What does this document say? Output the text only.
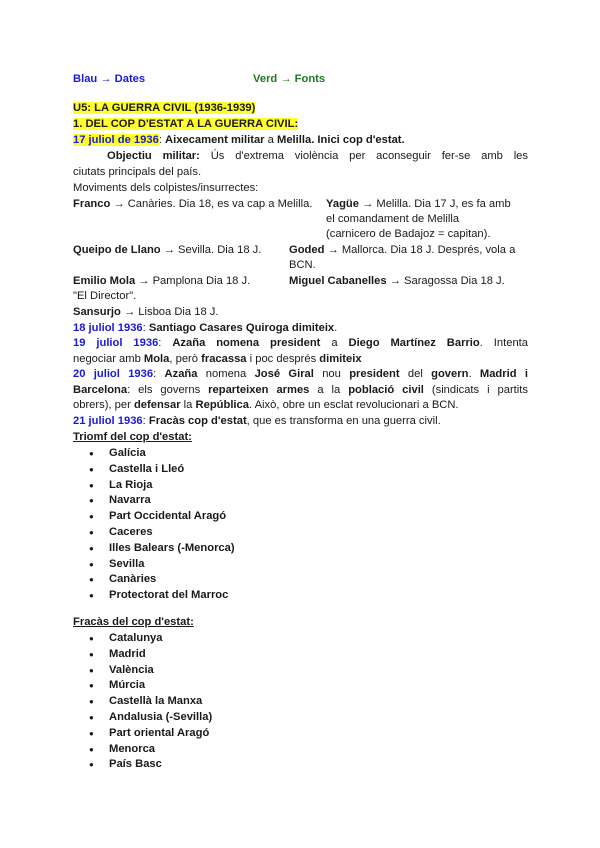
Blau → Dates	Verd → Fonts
U5: LA GUERRA CIVIL (1936-1939)
1. DEL COP D'ESTAT A LA GUERRA CIVIL:
17 juliol de 1936: Aixecament militar a Melilla. Inici cop d'estat.
Objectiu militar: Ús d'extrema violència per aconseguir fer-se amb les
ciutats principals del país.
Moviments dels colpistes/insurrectes:
Franco → Canàries. Dia 18, es va cap a Melilla. Yagüe → Melilla. Dia 17 J, es fa amb
el comandament de Melilla
(carnicero de Badajoz = capitan).
Queipo de Llano → Sevilla. Dia 18 J. Goded → Mallorca. Dia 18 J. Després, vola a
BCN.
Emilio Mola → Pamplona Dia 18 J.	Miguel Cabanelles → Saragossa Dia 18 J.
"El Director".
Sansurjo → Lisboa Dia 18 J.
18 juliol 1936: Santiago Casares Quiroga dimiteix.
19 juliol 1936: Azaña nomena president a Diego Martínez Barrio. Intenta
negociar amb Mola, però fracassa i poc després dimiteix
20 juliol 1936: Azaña nomena José Giral nou president del govern. Madrid i
Barcelona: els governs reparteixen armes a la població civil (sindicats i partits
obrers), per defensar la República. Això, obre un esclat revolucionari a BCN.
21 juliol 1936: Fracàs cop d'estat, que es transforma en una guerra civil.
Triomf del cop d'estat:
● Galícia
● Castella i Lleó
● La Rioja
● Navarra
● Part Occidental Aragó
● Caceres
● Illes Balears (-Menorca)
● Sevilla
● Canàries
● Protectorat del Marroc
Fracàs del cop d'estat:
● Catalunya
● Madrid
● València
● Múrcia
● Castellà la Manxa
● Andalusia (-Sevilla)
● Part oriental Aragó
● Menorca
● País Basc
